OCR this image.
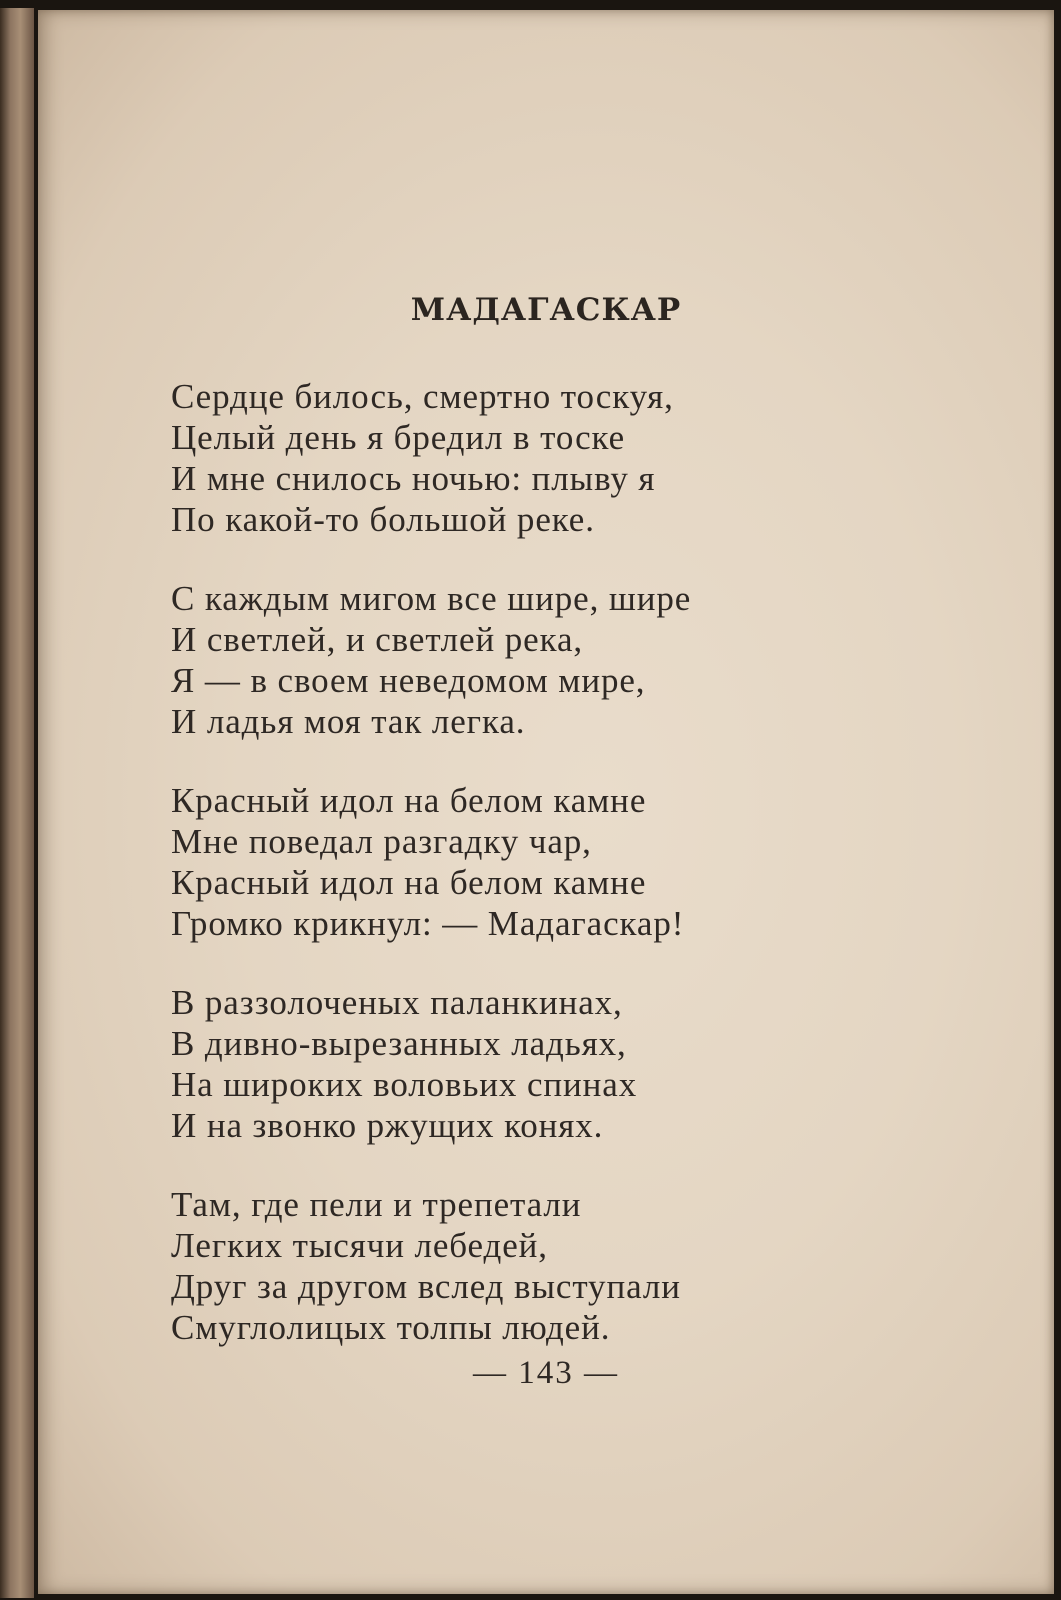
МАДАГАСКАР
Сердце билось, смертно тоскуя,
Целый день я бредил в тоске
И мне снилось ночью: плыву я
По какой-то большой реке.
С каждым мигом все шире, шире
И светлей, и светлей река,
Я — в своем неведомом мире,
И ладья моя так легка.
Красный идол на белом камне
Мне поведал разгадку чар,
Красный идол на белом камне
Громко крикнул: — Мадагаскар!
В раззолоченых паланкинах,
В дивно-вырезанных ладьях,
На широких воловьих спинах
И на звонко ржущих конях.
Там, где пели и трепетали
Легких тысячи лебедей,
Друг за другом вслед выступали
Смуглолицых толпы людей.
— 143 —
